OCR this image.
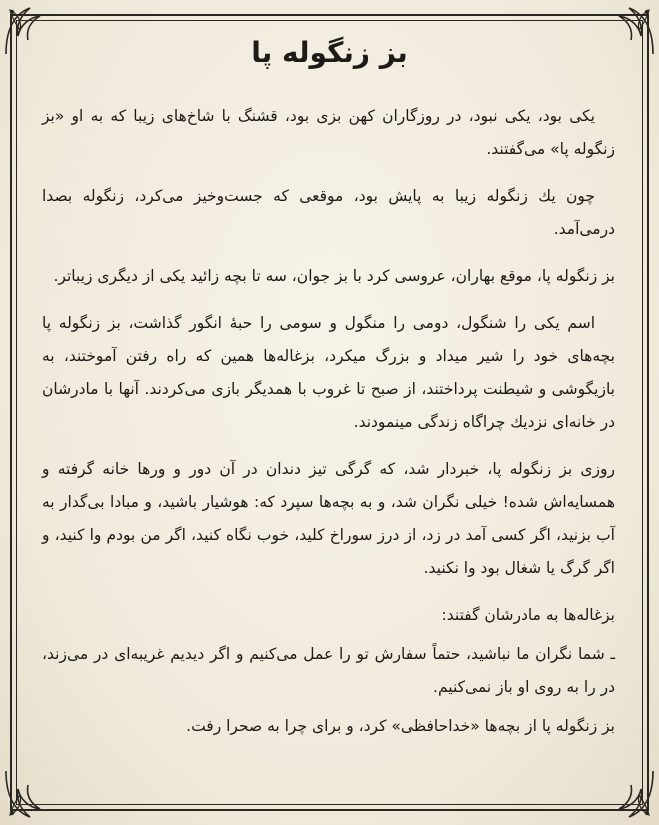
بز زنگوله پا

یکی بود، یکی نبود، در روزگاران کهن بزی بود، قشنگ با شاخ‌های زیبا که به او «بز زنگوله پا» می‌گفتند.

چون یك زنگوله زیبا به پایش بود، موقعی که جست‌وخیز می‌کرد، زنگوله بصدا درمی‌آمد.

بز زنگوله پا، موقع بهاران، عروسی کرد با بز جوان، سه تا بچه زائید یکی از دیگری زیباتر.

اسم یکی را شنگول، دومی را منگول و سومی را حبهٔ انگور گذاشت، بز زنگوله پا بچه‌های خود را شیر میداد و بزرگ میکرد، بزغاله‌ها همین که راه رفتن آموختند، به بازیگوشی و شیطنت پرداختند، از صبح تا غروب با همدیگر بازی می‌کردند. آنها با مادرشان در خانه‌ای نزدیك چراگاه زندگی مینمودند.

روزی بز زنگوله پا، خبردار شد، که گرگی تیز دندان در آن دور و ورها خانه گرفته و همسایه‌اش شده! خیلی نگران شد، و به بچه‌ها سپرد که: هوشیار باشید، و مبادا بی‌گدار به آب بزنید، اگر کسی آمد در زد، از درز سوراخ کلید، خوب نگاه کنید، اگر من بودم وا کنید، و اگر گرگ یا شغال بود وا نکنید.

بزغاله‌ها به مادرشان گفتند:

ـ شما نگران ما نباشید، حتماً سفارش تو را عمل می‌کنیم و اگر دیدیم غریبه‌ای در می‌زند، در را به روی او باز نمی‌کنیم.

بز زنگوله پا از بچه‌ها «خداحافظی» کرد، و برای چرا به صحرا رفت.
